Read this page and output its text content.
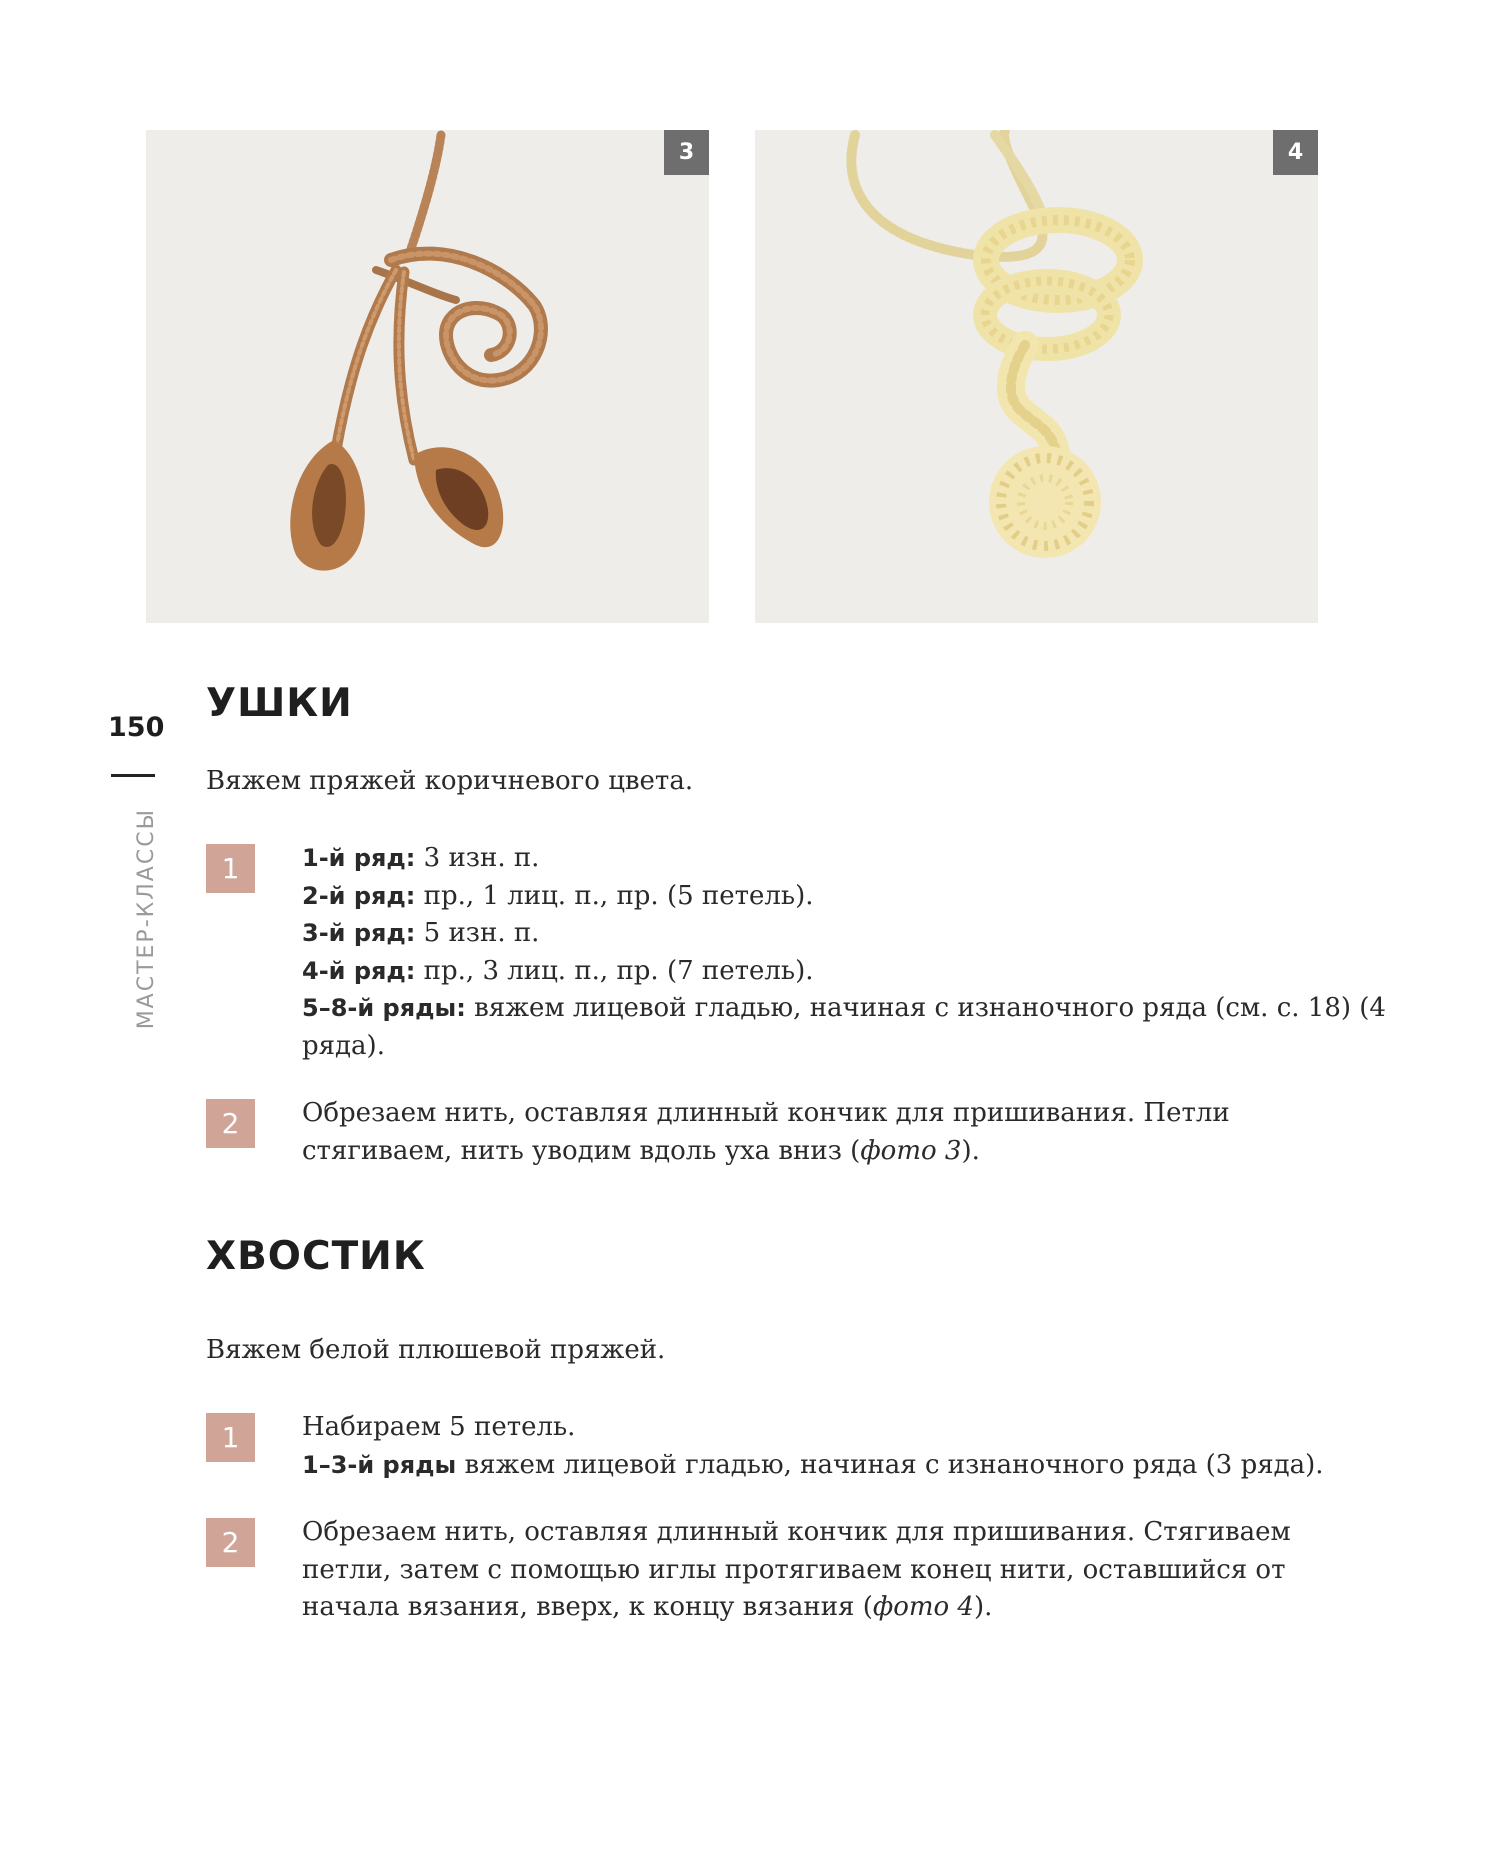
3	4
150
МАСТЕР-КЛАССЫ
УШКИ

Вяжем пряжей коричневого цвета.

1	1-й ряд: 3 изн. п.
2-й ряд: пр., 1 лиц. п., пр. (5 петель).
3-й ряд: 5 изн. п.
4-й ряд: пр., 3 лиц. п., пр. (7 петель).
5–8-й ряды: вяжем лицевой гладью, начиная с изнаночного ряда (см. с. 18) (4 ряда).
2	Обрезаем нить, оставляя длинный кончик для пришивания. Петли стягиваем, нить уводим вдоль уха вниз (фото 3).
ХВОСТИК

Вяжем белой плюшевой пряжей.

1	Набираем 5 петель.
1–3-й ряды вяжем лицевой гладью, начиная с изнаночного ряда (3 ряда).
2	Обрезаем нить, оставляя длинный кончик для пришивания. Стягиваем петли, затем с помощью иглы протягиваем конец нити, оставшийся от начала вязания, вверх, к концу вязания (фото 4).
